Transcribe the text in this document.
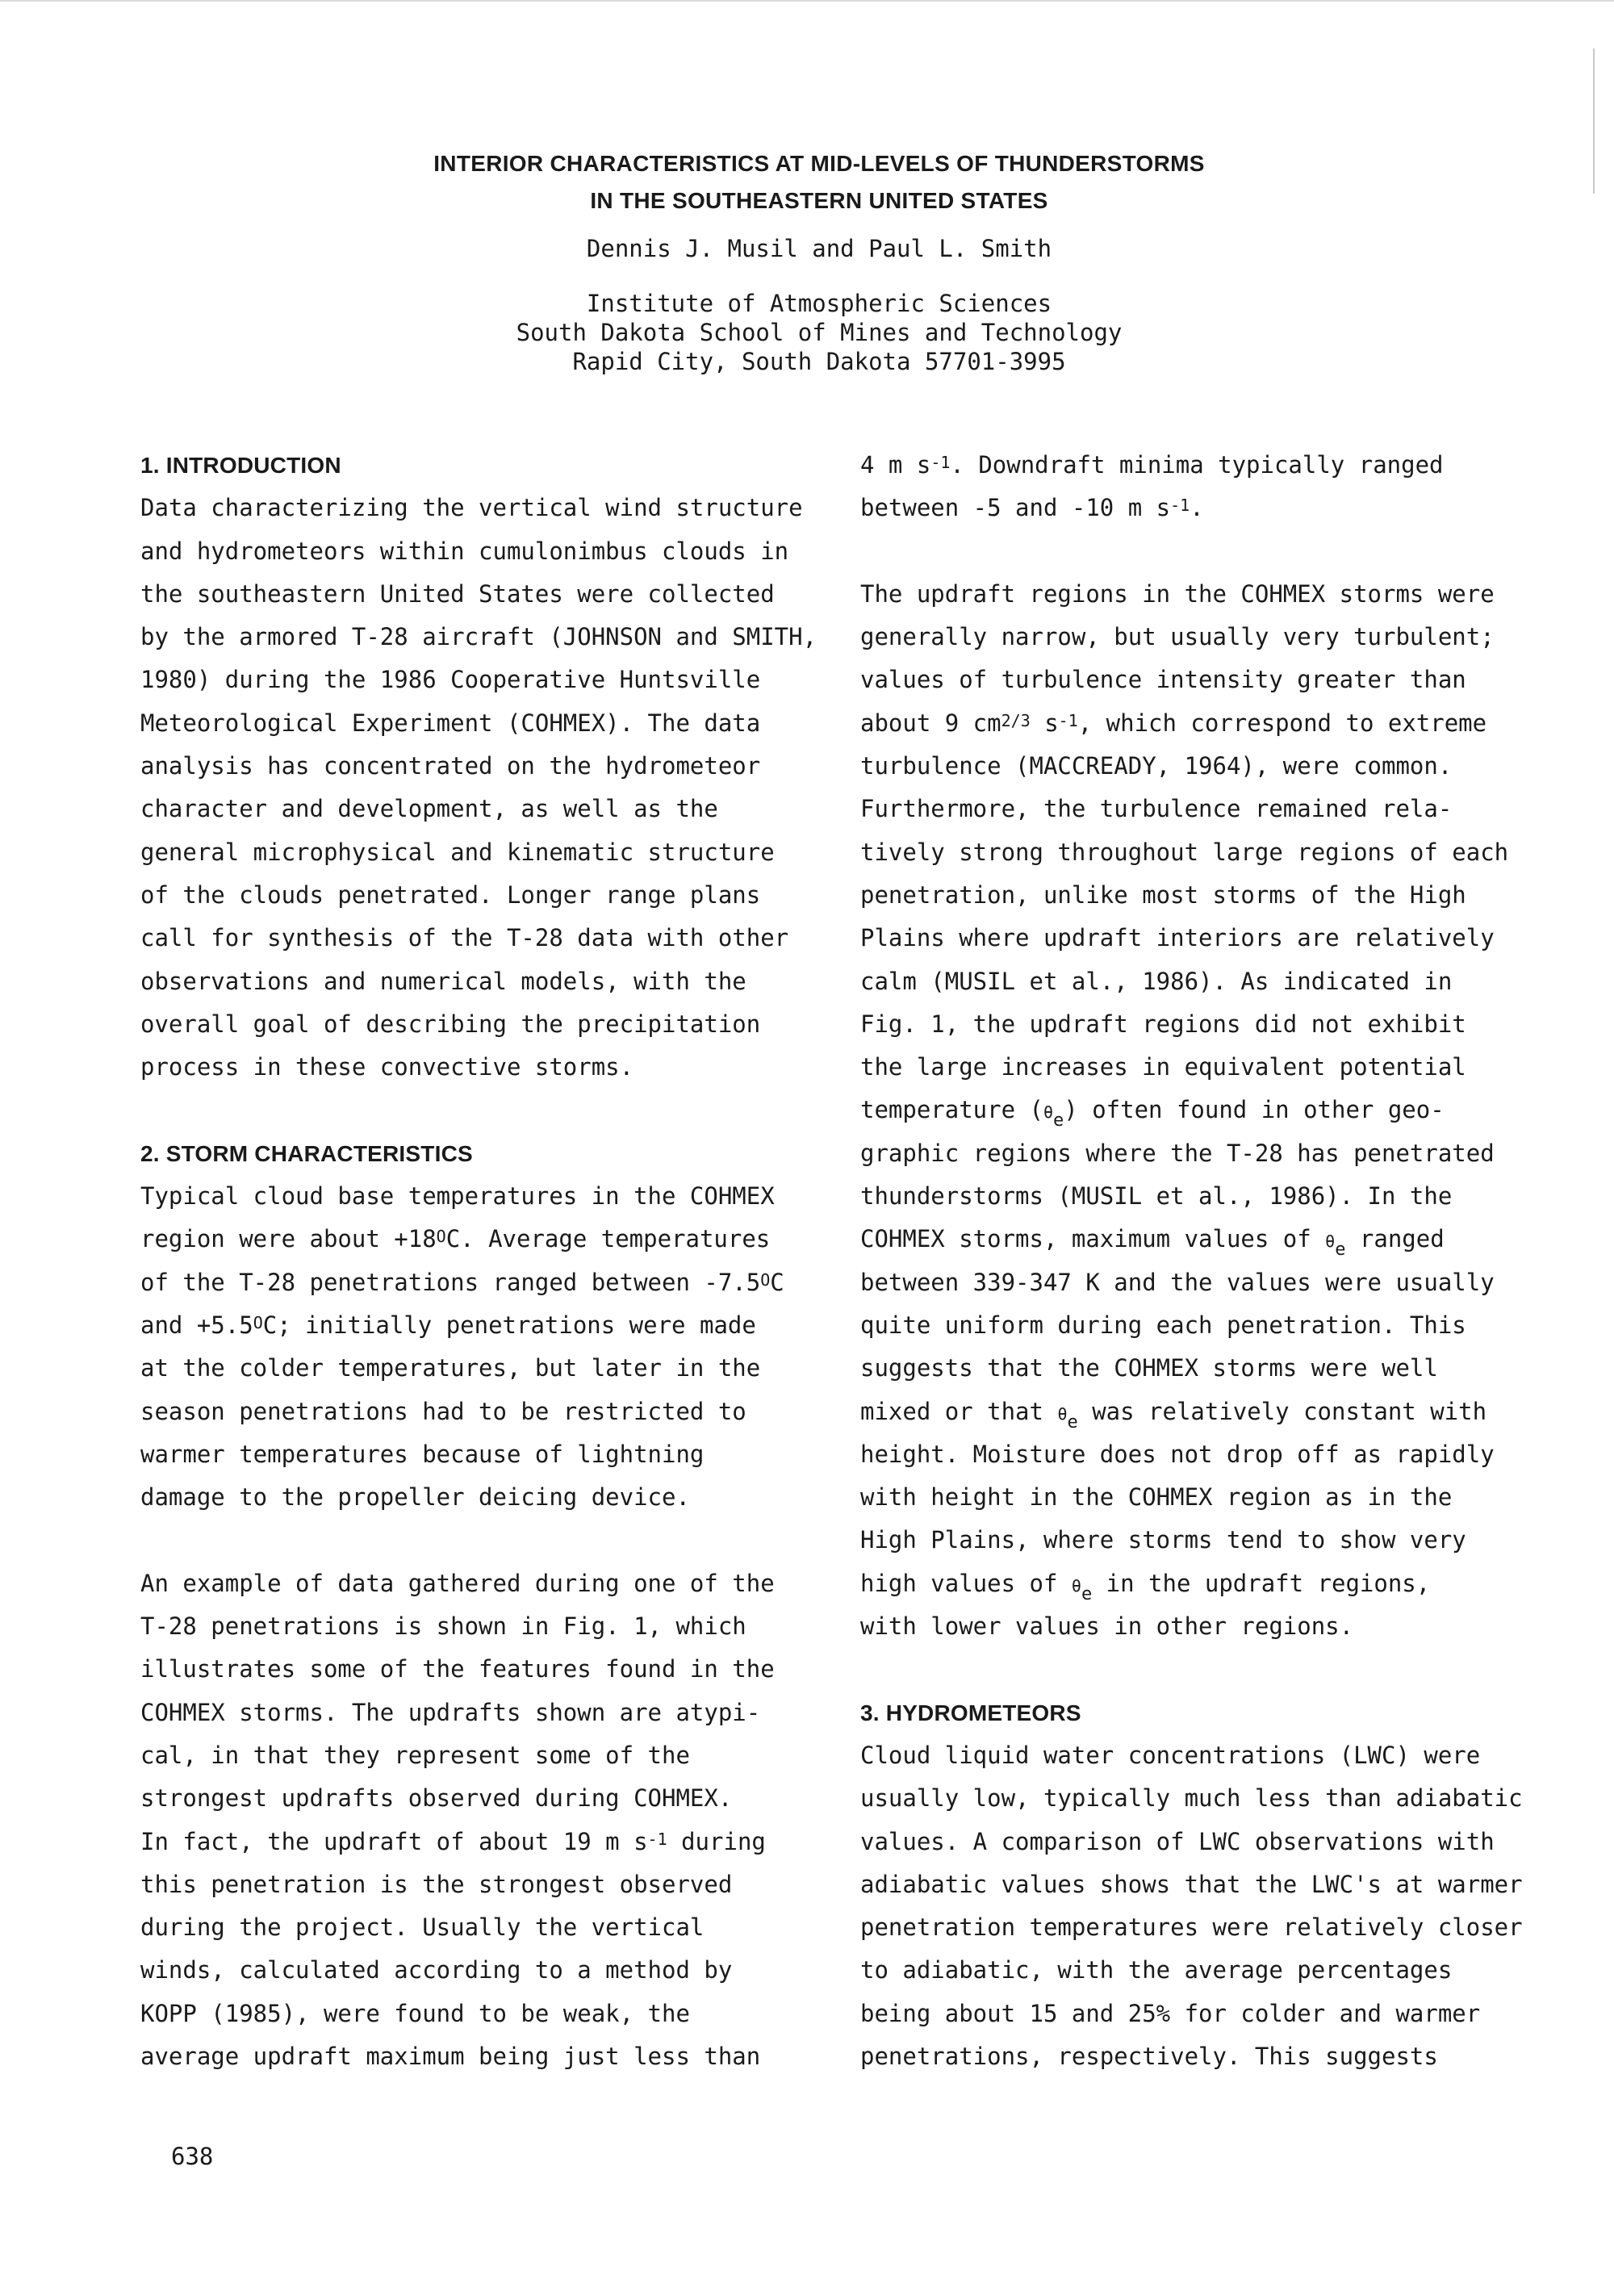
INTERIOR CHARACTERISTICS AT MID-LEVELS OF THUNDERSTORMS
IN THE SOUTHEASTERN UNITED STATES
Dennis J. Musil and Paul L. Smith
Institute of Atmospheric Sciences
South Dakota School of Mines and Technology
Rapid City, South Dakota 57701-3995
1. INTRODUCTION
Data characterizing the vertical wind structure
and hydrometeors within cumulonimbus clouds in
the southeastern United States were collected
by the armored T-28 aircraft (JOHNSON and SMITH,
1980) during the 1986 Cooperative Huntsville
Meteorological Experiment (COHMEX). The data
analysis has concentrated on the hydrometeor
character and development, as well as the
general microphysical and kinematic structure
of the clouds penetrated. Longer range plans
call for synthesis of the T-28 data with other
observations and numerical models, with the
overall goal of describing the precipitation
process in these convective storms.
2. STORM CHARACTERISTICS
Typical cloud base temperatures in the COHMEX
region were about $+18^OC$. Average temperatures
of the T-28 penetrations ranged between $-7.5^OC$
and $+5.5^OC$; initially penetrations were made
at the colder temperatures, but later in the
season penetrations had to be restricted to
warmer temperatures because of lightning
damage to the propeller deicing device.
An example of data gathered during one of the
T-28 penetrations is shown in Fig. 1, which
illustrates some of the features found in the
COHMEX storms. The updrafts shown are atypi-
cal, in that they represent some of the
strongest updrafts observed during COHMEX.
In fact, the updraft of about 19 m $s^{-1}$ during
this penetration is the strongest observed
during the project. Usually the vertical
winds, calculated according to a method by
KOPP (1985), were found to be weak, the
average updraft maximum being just less than
4 m $s^{-1}$. Downdraft minima typically ranged
between -5 and -10 m $s^{-1}$.
The updraft regions in the COHMEX storms were
generally narrow, but usually very turbulent;
values of turbulence intensity greater than
about 9 $cm^{2/3}$ $s^{-1}$, which correspond to extreme
turbulence (MACCREADY, 1964), were common.
Furthermore, the turbulence remained rela-
tively strong throughout large regions of each
penetration, unlike most storms of the High
Plains where updraft interiors are relatively
calm (MUSIL et al., 1986). As indicated in
Fig. 1, the updraft regions did not exhibit
the large increases in equivalent potential
temperature $(\theta_e)$ often found in other geo-
graphic regions where the T-28 has penetrated
thunderstorms (MUSIL et al., 1986). In the
COHMEX storms, maximum values of $\theta_e$ ranged
between 339-347 K and the values were usually
quite uniform during each penetration. This
suggests that the COHMEX storms were well
mixed or that $\theta_e$ was relatively constant with
height. Moisture does not drop off as rapidly
with height in the COHMEX region as in the
High Plains, where storms tend to show very
high values of $\theta_e$ in the updraft regions,
with lower values in other regions.
3. HYDROMETEORS
Cloud liquid water concentrations (LWC) were
usually low, typically much less than adiabatic
values. A comparison of LWC observations with
adiabatic values shows that the LWC's at warmer
penetration temperatures were relatively closer
to adiabatic, with the average percentages
being about 15 and 25% for colder and warmer
penetrations, respectively. This suggests
638
